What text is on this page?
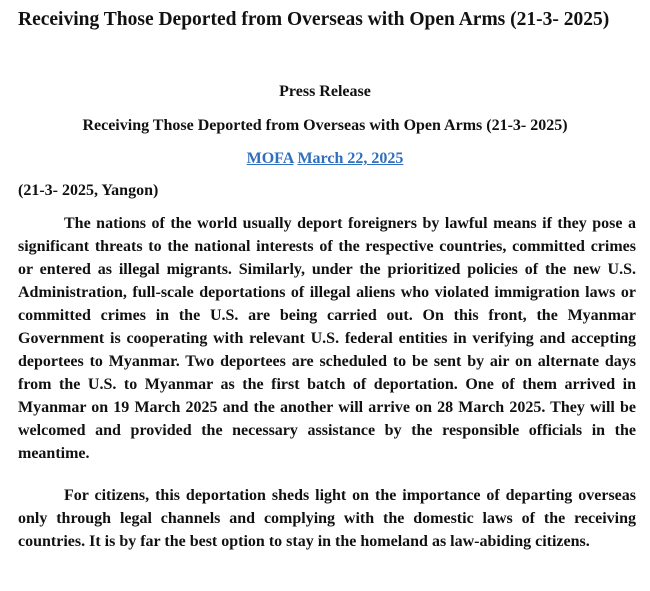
Receiving Those Deported from Overseas with Open Arms (21-3- 2025)
Press Release
Receiving Those Deported from Overseas with Open Arms (21-3- 2025)
MOFA March 22, 2025
(21-3- 2025, Yangon)

The nations of the world usually deport foreigners by lawful means if they pose a significant threats to the national interests of the respective countries, committed crimes or entered as illegal migrants. Similarly, under the prioritized policies of the new U.S. Administration, full-scale deportations of illegal aliens who violated immigration laws or committed crimes in the U.S. are being carried out. On this front, the Myanmar Government is cooperating with relevant U.S. federal entities in verifying and accepting deportees to Myanmar. Two deportees are scheduled to be sent by air on alternate days from the U.S. to Myanmar as the first batch of deportation. One of them arrived in Myanmar on 19 March 2025 and the another will arrive on 28 March 2025. They will be welcomed and provided the necessary assistance by the responsible officials in the meantime.

For citizens, this deportation sheds light on the importance of departing overseas only through legal channels and complying with the domestic laws of the receiving countries. It is by far the best option to stay in the homeland as law-abiding citizens.
